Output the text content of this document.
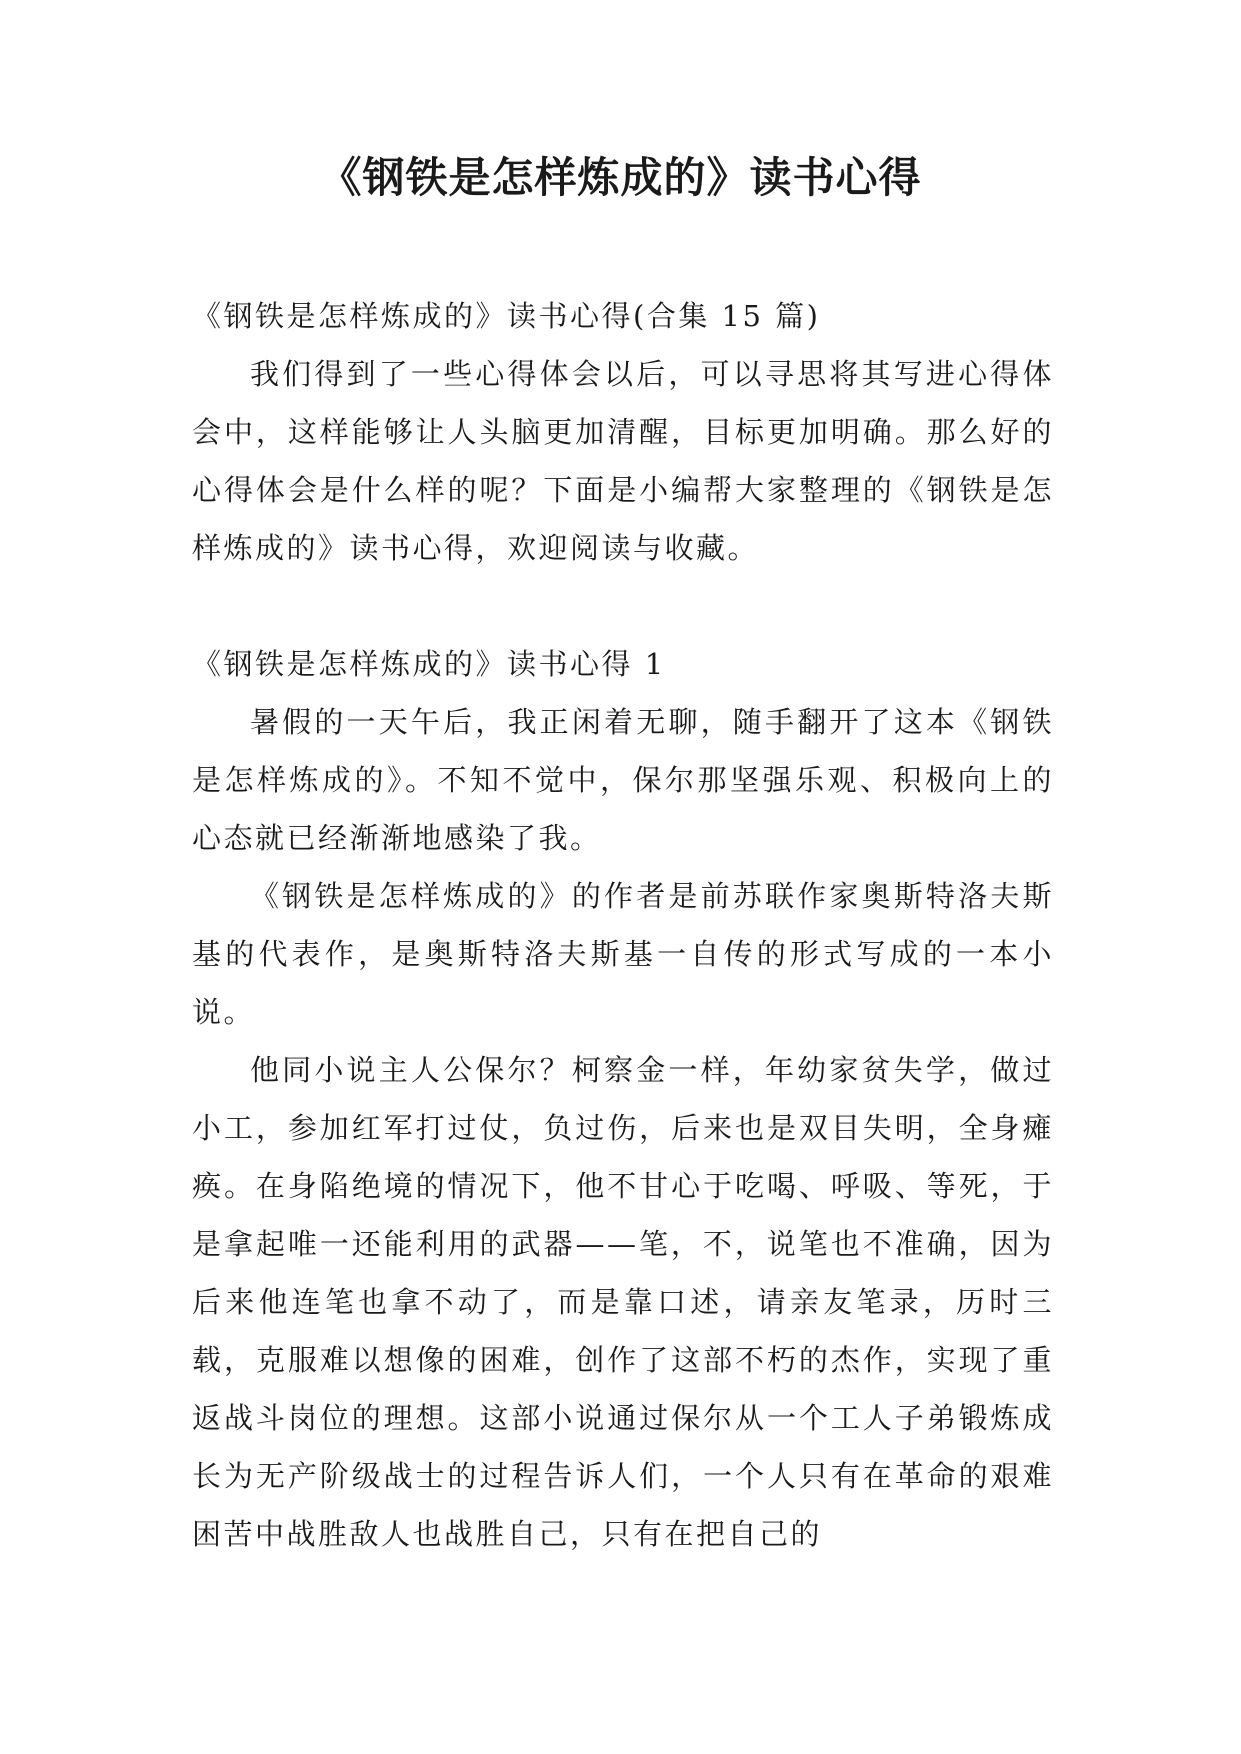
《钢铁是怎样炼成的》读书心得

《钢铁是怎样炼成的》读书心得(合集 15 篇)

我们得到了一些心得体会以后，可以寻思将其写进心得体会中，这样能够让人头脑更加清醒，目标更加明确。那么好的心得体会是什么样的呢？下面是小编帮大家整理的《钢铁是怎样炼成的》读书心得，欢迎阅读与收藏。

《钢铁是怎样炼成的》读书心得 1

暑假的一天午后，我正闲着无聊，随手翻开了这本《钢铁是怎样炼成的》。不知不觉中，保尔那坚强乐观、积极向上的心态就已经渐渐地感染了我。

《钢铁是怎样炼成的》的作者是前苏联作家奥斯特洛夫斯基的代表作，是奥斯特洛夫斯基一自传的形式写成的一本小说。

他同小说主人公保尔？柯察金一样，年幼家贫失学，做过小工，参加红军打过仗，负过伤，后来也是双目失明，全身瘫痪。在身陷绝境的情况下，他不甘心于吃喝、呼吸、等死，于是拿起唯一还能利用的武器——笔，不，说笔也不准确，因为后来他连笔也拿不动了，而是靠口述，请亲友笔录，历时三载，克服难以想像的困难，创作了这部不朽的杰作，实现了重返战斗岗位的理想。这部小说通过保尔从一个工人子弟锻炼成长为无产阶级战士的过程告诉人们，一个人只有在革命的艰难困苦中战胜敌人也战胜自己，只有在把自己的
